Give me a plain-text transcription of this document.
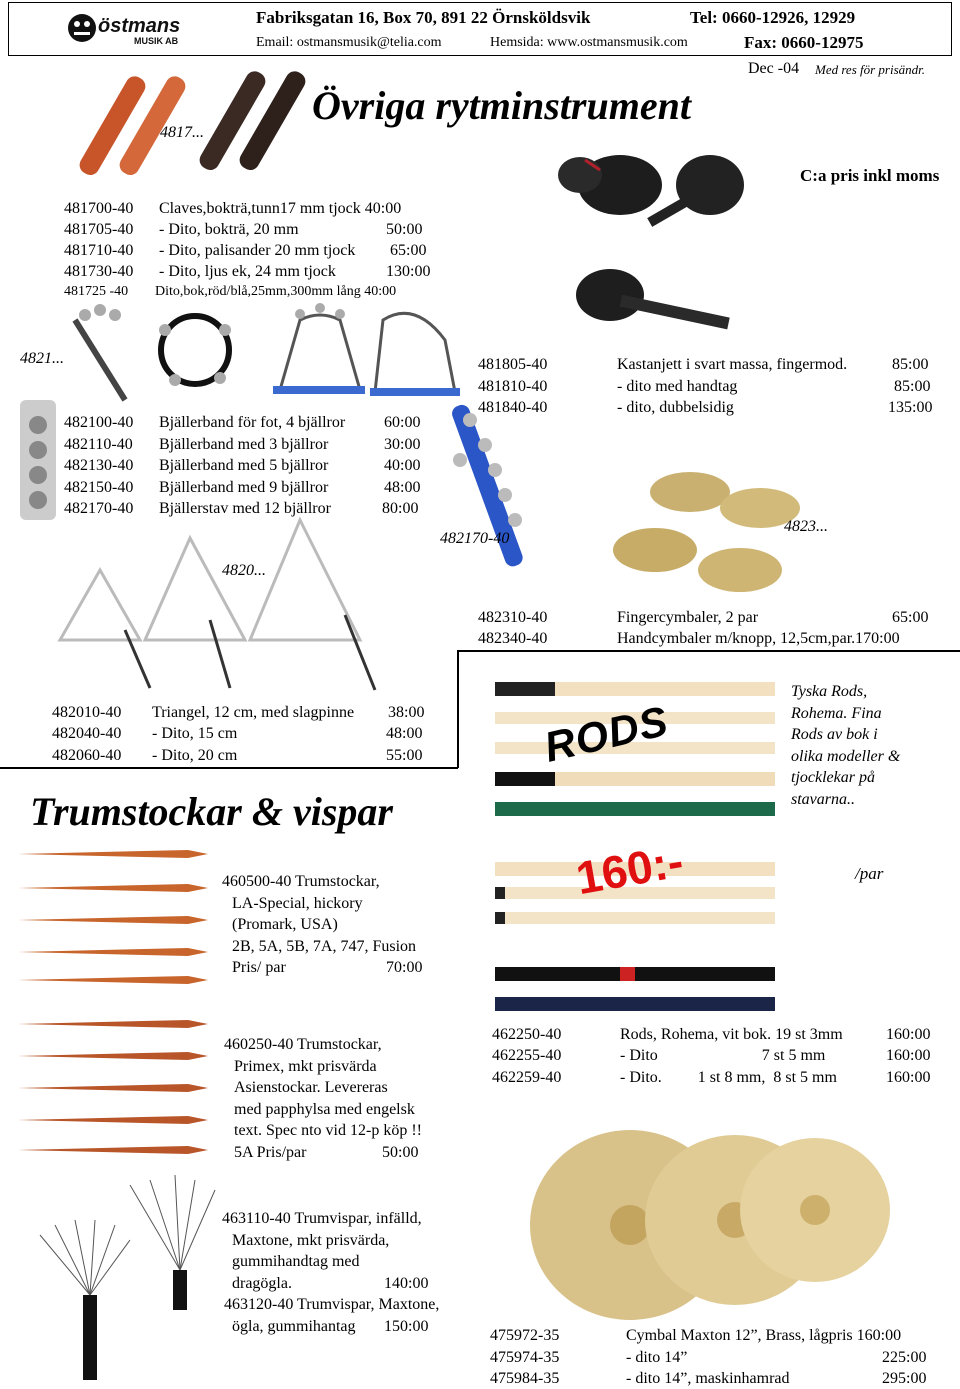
östmans
MUSIK AB
Fabriksgatan 16, Box 70, 891 22 Örnsköldsvik	Tel: 0660-12926, 12929
Email: ostmansmusik@telia.com	Hemsida: www.ostmansmusik.com	Fax: 0660-12975
Dec -04 Med res för prisändr.
Övriga rytminstrument
C:a pris inkl moms
4817...
481700-40 Claves,bokträ,tunn17 mm tjock 40:00
481705-40 - Dito, bokträ, 20 mm	50:00
481710-40 - Dito, palisander 20 mm tjock 65:00
481730-40 - Dito, ljus ek, 24 mm tjock	130:00
481725 -40 Dito,bok,röd/blå,25mm,300mm lång 40:00
481805-40	Kastanjett i svart massa, fingermod.	85:00
481810-40	- dito med handtag	85:00
481840-40	- dito, dubbelsidig	135:00
4821...
482170-40
482100-40 Bjällerband för fot, 4 bjällror 60:00
482110-40 Bjällerband med 3 bjällror	30:00
482130-40 Bjällerband med 5 bjällror	40:00
482150-40 Bjällerband med 9 bjällror	48:00
482170-40 Bjällerstav med 12 bjällror	80:00
4823...
482310-40	Fingercymbaler, 2 par	65:00
482340-40	Handcymbaler m/knopp, 12,5cm,par.170:00
4820...
482010-40 Triangel, 12 cm, med slagpinne 38:00
482040-40 - Dito, 15 cm	48:00
482060-40 - Dito, 20 cm	55:00	RODS
160:-	/par
Tyska Rods,
Rohema. Fina
Rods av bok i
olika modeller &
tjocklekar på
stavarna..
Trumstockar & vispar
460500-40 Trumstockar,
LA-Special, hickory
(Promark, USA)
2B, 5A, 5B, 7A, 747, Fusion
Pris/ par	70:00
460250-40 Trumstockar,
Primex, mkt prisvärda
Asienstockar. Levereras
med papphylsa med engelsk
text. Spec nto vid 12-p köp !!
5A Pris/par	50:00
462250-40	Rods, Rohema, vit bok. 19 st 3mm	160:00
462255-40	- Dito                          7 st 5 mm	160:00
462259-40	- Dito.         1 st 8 mm,  8 st 5 mm	160:00
463110-40 Trumvispar, infälld,
Maxtone, mkt prisvärda,
gummihandtag med
dragögla.	140:00
463120-40 Trumvispar, Maxtone,
ögla, gummihantag 150:00
475972-35	Cymbal Maxton 12”, Brass, lågpris 160:00
475974-35	- dito 14”	225:00
475984-35	- dito 14”, maskinhamrad	295:00
